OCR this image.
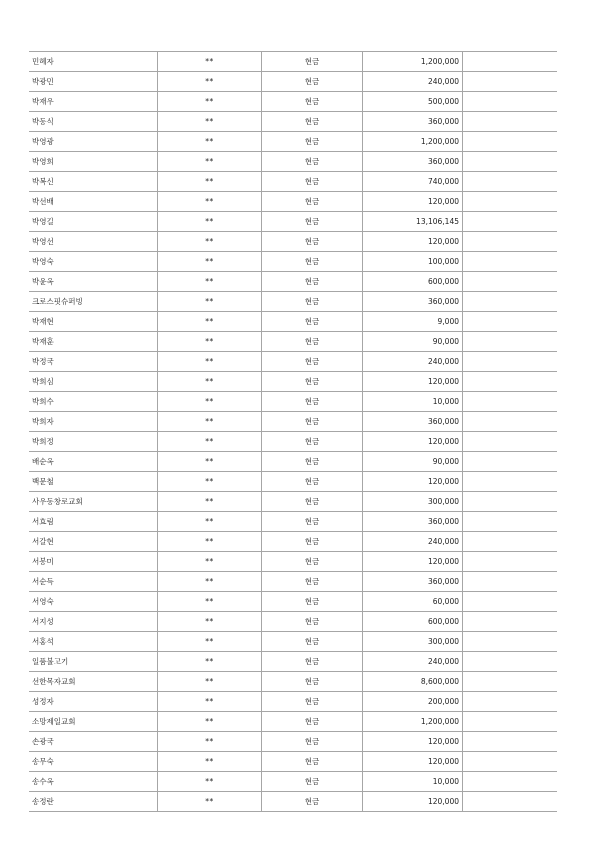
민혜자	**	현금	1,200,000	
박광민	**	현금	240,000	
박재우	**	현금	500,000	
박동식	**	현금	360,000	
박영광	**	현금	1,200,000	
박영희	**	현금	360,000	
박복신	**	현금	740,000	
박선배	**	현금	120,000	
박영길	**	현금	13,106,145	
박영선	**	현금	120,000	
박영숙	**	현금	100,000	
박윤옥	**	현금	600,000	
크로스핏슈퍼빙	**	현금	360,000	
박재현	**	현금	9,000	
박재훈	**	현금	90,000	
박정국	**	현금	240,000	
박희심	**	현금	120,000	
박희수	**	현금	10,000	
박희자	**	현금	360,000	
박희정	**	현금	120,000	
배순옥	**	현금	90,000	
백문철	**	현금	120,000	
사우동창로교회	**	현금	300,000	
서효림	**	현금	360,000	
서갈현	**	현금	240,000	
서봉미	**	현금	120,000	
서순득	**	현금	360,000	
서영숙	**	현금	60,000	
서지성	**	현금	600,000	
서홍석	**	현금	300,000	
일품불고기	**	현금	240,000	
선한목자교회	**	현금	8,600,000	
성정자	**	현금	200,000	
소망제일교회	**	현금	1,200,000	
손광국	**	현금	120,000	
송무숙	**	현금	120,000	
송수옥	**	현금	10,000	
송정란	**	현금	120,000	
